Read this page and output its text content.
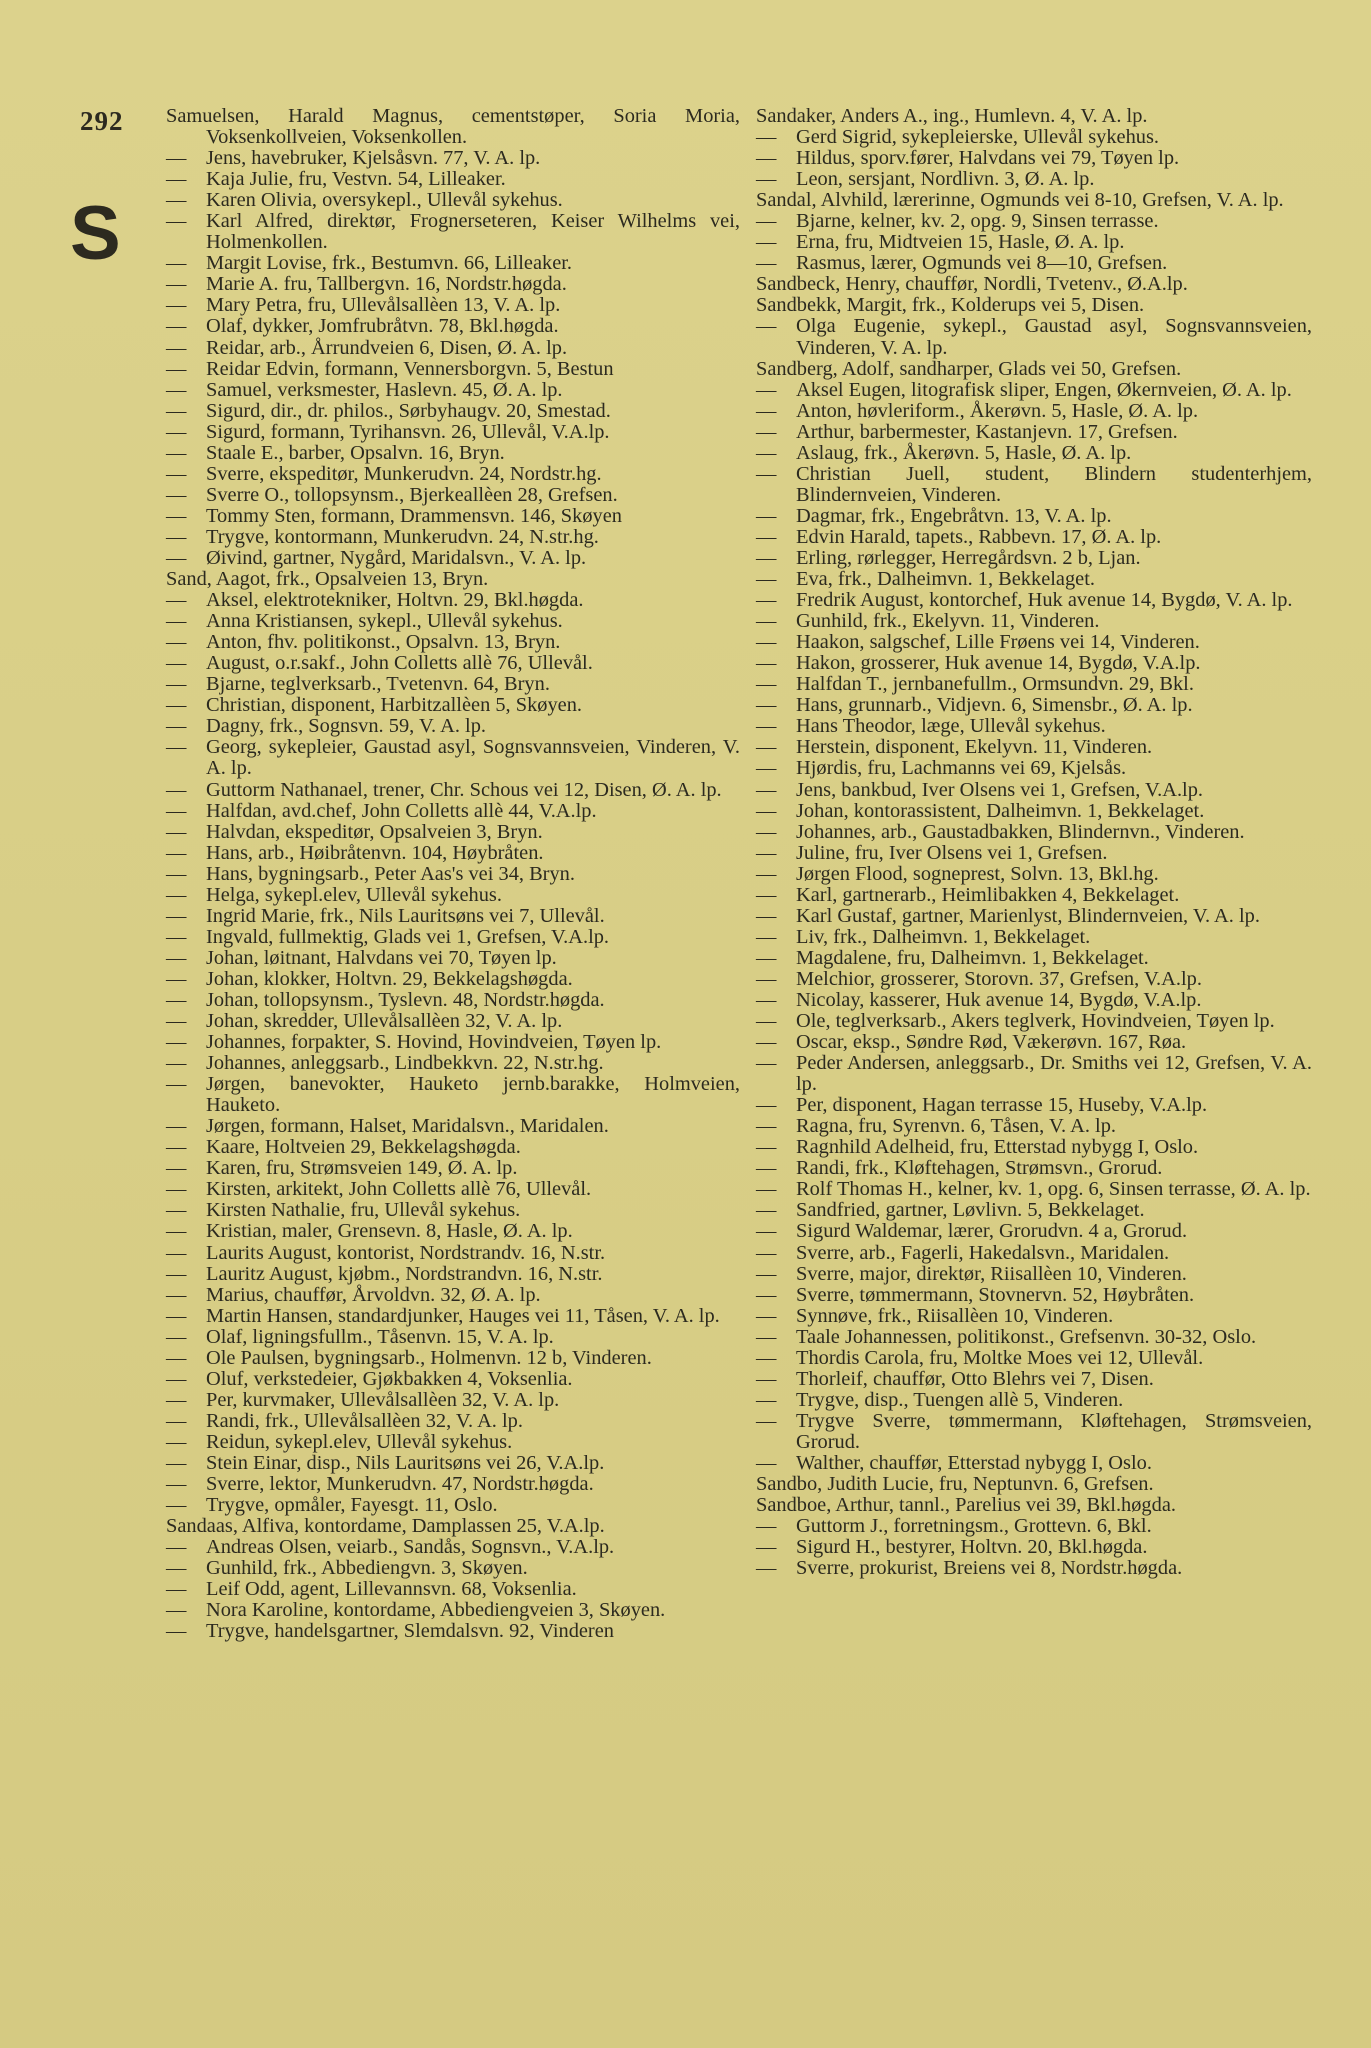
292
S
Samuelsen, Harald Magnus, cementstøper, Soria Moria, Voksenkollveien, Voksenkollen.
— Jens, havebruker, Kjelsåsvn. 77, V. A. lp.
— Kaja Julie, fru, Vestvn. 54, Lilleaker.
— Karen Olivia, oversykepl., Ullevål sykehus.
— Karl Alfred, direktør, Frognerseteren, Keiser Wilhelms vei, Holmenkollen.
— Margit Lovise, frk., Bestumvn. 66, Lilleaker.
— Marie A. fru, Tallbergvn. 16, Nordstr.høgda.
— Mary Petra, fru, Ullevålsallèen 13, V. A. lp.
— Olaf, dykker, Jomfrubråtvn. 78, Bkl.høgda.
— Reidar, arb., Årrundveien 6, Disen, Ø. A. lp.
— Reidar Edvin, formann, Vennersborgvn. 5, Bestun
— Samuel, verksmester, Haslevn. 45, Ø. A. lp.
— Sigurd, dir., dr. philos., Sørbyhaugv. 20, Smestad.
— Sigurd, formann, Tyrihansvn. 26, Ullevål, V.A.lp.
— Staale E., barber, Opsalvn. 16, Bryn.
— Sverre, ekspeditør, Munkerudvn. 24, Nordstr.hg.
— Sverre O., tollopsynsm., Bjerkeallèen 28, Grefsen.
— Tommy Sten, formann, Drammensvn. 146, Skøyen
— Trygve, kontormann, Munkerudvn. 24, N.str.hg.
— Øivind, gartner, Nygård, Maridalsvn., V. A. lp.
Sand, Aagot, frk., Opsalveien 13, Bryn.
— Aksel, elektrotekniker, Holtvn. 29, Bkl.høgda.
— Anna Kristiansen, sykepl., Ullevål sykehus.
— Anton, fhv. politikonst., Opsalvn. 13, Bryn.
— August, o.r.sakf., John Colletts allè 76, Ullevål.
— Bjarne, teglverksarb., Tvetenvn. 64, Bryn.
— Christian, disponent, Harbitzallèen 5, Skøyen.
— Dagny, frk., Sognsvn. 59, V. A. lp.
— Georg, sykepleier, Gaustad asyl, Sognsvannsveien, Vinderen, V. A. lp.
— Guttorm Nathanael, trener, Chr. Schous vei 12, Disen, Ø. A. lp.
— Halfdan, avd.chef, John Colletts allè 44, V.A.lp.
— Halvdan, ekspeditør, Opsalveien 3, Bryn.
— Hans, arb., Høibråtenvn. 104, Høybråten.
— Hans, bygningsarb., Peter Aas's vei 34, Bryn.
— Helga, sykepl.elev, Ullevål sykehus.
— Ingrid Marie, frk., Nils Lauritsøns vei 7, Ullevål.
— Ingvald, fullmektig, Glads vei 1, Grefsen, V.A.lp.
— Johan, løitnant, Halvdans vei 70, Tøyen lp.
— Johan, klokker, Holtvn. 29, Bekkelagshøgda.
— Johan, tollopsynsm., Tyslevn. 48, Nordstr.høgda.
— Johan, skredder, Ullevålsallèen 32, V. A. lp.
— Johannes, forpakter, S. Hovind, Hovindveien, Tøyen lp.
— Johannes, anleggsarb., Lindbekkvn. 22, N.str.hg.
— Jørgen, banevokter, Hauketo jernb.barakke, Holmveien, Hauketo.
— Jørgen, formann, Halset, Maridalsvn., Maridalen.
— Kaare, Holtveien 29, Bekkelagshøgda.
— Karen, fru, Strømsveien 149, Ø. A. lp.
— Kirsten, arkitekt, John Colletts allè 76, Ullevål.
— Kirsten Nathalie, fru, Ullevål sykehus.
— Kristian, maler, Grensevn. 8, Hasle, Ø. A. lp.
— Laurits August, kontorist, Nordstrandv. 16, N.str.
— Lauritz August, kjøbm., Nordstrandvn. 16, N.str.
— Marius, chauffør, Årvoldvn. 32, Ø. A. lp.
— Martin Hansen, standardjunker, Hauges vei 11, Tåsen, V. A. lp.
— Olaf, ligningsfullm., Tåsenvn. 15, V. A. lp.
— Ole Paulsen, bygningsarb., Holmenvn. 12 b, Vinderen.
— Oluf, verkstedeier, Gjøkbakken 4, Voksenlia.
— Per, kurvmaker, Ullevålsallèen 32, V. A. lp.
— Randi, frk., Ullevålsallèen 32, V. A. lp.
— Reidun, sykepl.elev, Ullevål sykehus.
— Stein Einar, disp., Nils Lauritsøns vei 26, V.A.lp.
— Sverre, lektor, Munkerudvn. 47, Nordstr.høgda.
— Trygve, opmåler, Fayesgt. 11, Oslo.
Sandaas, Alfiva, kontordame, Damplassen 25, V.A.lp.
— Andreas Olsen, veiarb., Sandås, Sognsvn., V.A.lp.
— Gunhild, frk., Abbediengvn. 3, Skøyen.
— Leif Odd, agent, Lillevannsvn. 68, Voksenlia.
— Nora Karoline, kontordame, Abbediengveien 3, Skøyen.
— Trygve, handelsgartner, Slemdalsvn. 92, Vinderen
Sandaker, Anders A., ing., Humlevn. 4, V. A. lp.
— Gerd Sigrid, sykepleierske, Ullevål sykehus.
— Hildus, sporv.fører, Halvdans vei 79, Tøyen lp.
— Leon, sersjant, Nordlivn. 3, Ø. A. lp.
Sandal, Alvhild, lærerinne, Ogmunds vei 8-10, Grefsen, V. A. lp.
— Bjarne, kelner, kv. 2, opg. 9, Sinsen terrasse.
— Erna, fru, Midtveien 15, Hasle, Ø. A. lp.
— Rasmus, lærer, Ogmunds vei 8—10, Grefsen.
Sandbeck, Henry, chauffør, Nordli, Tvetenv., Ø.A.lp.
Sandbekk, Margit, frk., Kolderups vei 5, Disen.
— Olga Eugenie, sykepl., Gaustad asyl, Sognsvannsveien, Vinderen, V. A. lp.
Sandberg, Adolf, sandharper, Glads vei 50, Grefsen.
— Aksel Eugen, litografisk sliper, Engen, Økernveien, Ø. A. lp.
— Anton, høvleriform., Åkerøvn. 5, Hasle, Ø. A. lp.
— Arthur, barbermester, Kastanjevn. 17, Grefsen.
— Aslaug, frk., Åkerøvn. 5, Hasle, Ø. A. lp.
— Christian Juell, student, Blindern studenterhjem, Blindernveien, Vinderen.
— Dagmar, frk., Engebråtvn. 13, V. A. lp.
— Edvin Harald, tapets., Rabbevn. 17, Ø. A. lp.
— Erling, rørlegger, Herregårdsvn. 2 b, Ljan.
— Eva, frk., Dalheimvn. 1, Bekkelaget.
— Fredrik August, kontorchef, Huk avenue 14, Bygdø, V. A. lp.
— Gunhild, frk., Ekelyvn. 11, Vinderen.
— Haakon, salgschef, Lille Frøens vei 14, Vinderen.
— Hakon, grosserer, Huk avenue 14, Bygdø, V.A.lp.
— Halfdan T., jernbanefullm., Ormsundvn. 29, Bkl.
— Hans, grunnarb., Vidjevn. 6, Simensbr., Ø. A. lp.
— Hans Theodor, læge, Ullevål sykehus.
— Herstein, disponent, Ekelyvn. 11, Vinderen.
— Hjørdis, fru, Lachmanns vei 69, Kjelsås.
— Jens, bankbud, Iver Olsens vei 1, Grefsen, V.A.lp.
— Johan, kontorassistent, Dalheimvn. 1, Bekkelaget.
— Johannes, arb., Gaustadbakken, Blindernvn., Vinderen.
— Juline, fru, Iver Olsens vei 1, Grefsen.
— Jørgen Flood, sogneprest, Solvn. 13, Bkl.hg.
— Karl, gartnerarb., Heimlibakken 4, Bekkelaget.
— Karl Gustaf, gartner, Marienlyst, Blindernveien, V. A. lp.
— Liv, frk., Dalheimvn. 1, Bekkelaget.
— Magdalene, fru, Dalheimvn. 1, Bekkelaget.
— Melchior, grosserer, Storovn. 37, Grefsen, V.A.lp.
— Nicolay, kasserer, Huk avenue 14, Bygdø, V.A.lp.
— Ole, teglverksarb., Akers teglverk, Hovindveien, Tøyen lp.
— Oscar, eksp., Søndre Rød, Vækerøvn. 167, Røa.
— Peder Andersen, anleggsarb., Dr. Smiths vei 12, Grefsen, V. A. lp.
— Per, disponent, Hagan terrasse 15, Huseby, V.A.lp.
— Ragna, fru, Syrenvn. 6, Tåsen, V. A. lp.
— Ragnhild Adelheid, fru, Etterstad nybygg I, Oslo.
— Randi, frk., Kløftehagen, Strømsvn., Grorud.
— Rolf Thomas H., kelner, kv. 1, opg. 6, Sinsen terrasse, Ø. A. lp.
— Sandfried, gartner, Løvlivn. 5, Bekkelaget.
— Sigurd Waldemar, lærer, Grorudvn. 4 a, Grorud.
— Sverre, arb., Fagerli, Hakedalsvn., Maridalen.
— Sverre, major, direktør, Riisallèen 10, Vinderen.
— Sverre, tømmermann, Stovnervn. 52, Høybråten.
— Synnøve, frk., Riisallèen 10, Vinderen.
— Taale Johannessen, politikonst., Grefsenvn. 30-32, Oslo.
— Thordis Carola, fru, Moltke Moes vei 12, Ullevål.
— Thorleif, chauffør, Otto Blehrs vei 7, Disen.
— Trygve, disp., Tuengen allè 5, Vinderen.
— Trygve Sverre, tømmermann, Kløftehagen, Strømsveien, Grorud.
— Walther, chauffør, Etterstad nybygg I, Oslo.
Sandbo, Judith Lucie, fru, Neptunvn. 6, Grefsen.
Sandboe, Arthur, tannl., Parelius vei 39, Bkl.høgda.
— Guttorm J., forretningsm., Grottevn. 6, Bkl.
— Sigurd H., bestyrer, Holtvn. 20, Bkl.høgda.
— Sverre, prokurist, Breiens vei 8, Nordstr.høgda.
